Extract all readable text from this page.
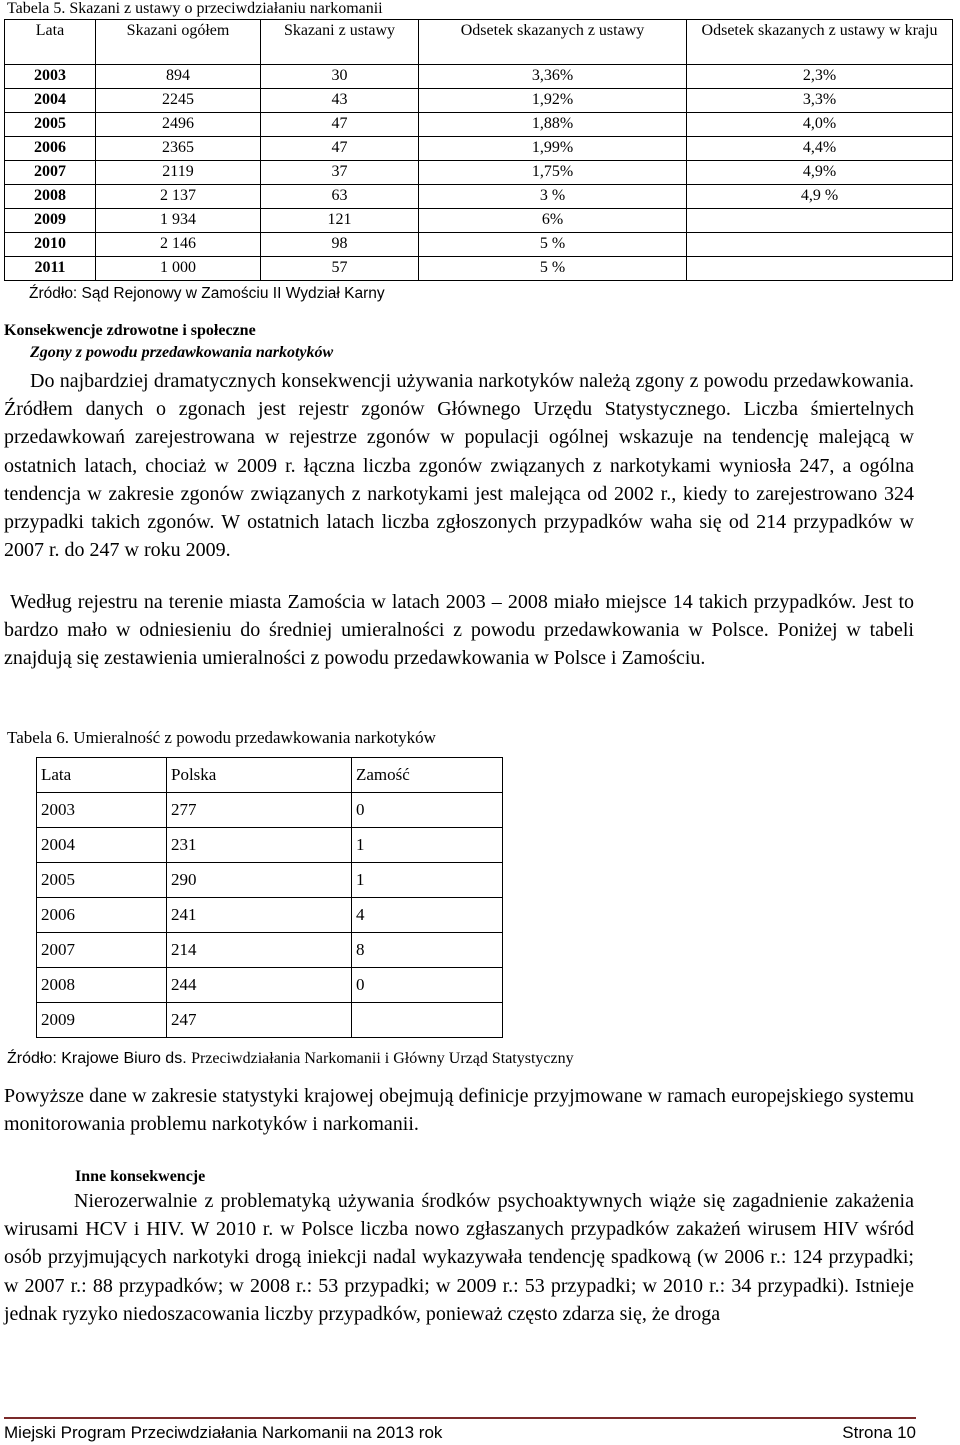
Tabela 5. Skazani z ustawy o przeciwdziałaniu narkomanii
Lata	Skazani ogółem	Skazani z ustawy	Odsetek skazanych z ustawy	Odsetek skazanych z ustawy w kraju
2003	894	30	3,36%	2,3%
2004	2245	43	1,92%	3,3%
2005	2496	47	1,88%	4,0%
2006	2365	47	1,99%	4,4%
2007	2119	37	1,75%	4,9%
2008	2 137	63	3 %	4,9 %
2009	1 934	121	6%	
2010	2 146	98	5 %	
2011	1 000	57	5 %	
Źródło: Sąd Rejonowy w Zamościu II Wydział Karny
Konsekwencje zdrowotne i społeczne
Zgony z powodu przedawkowania narkotyków
Do najbardziej dramatycznych konsekwencji używania narkotyków należą zgony z powodu przedawkowania. Źródłem danych o zgonach jest rejestr zgonów Głównego Urzędu Statystycznego. Liczba śmiertelnych przedawkowań zarejestrowana w rejestrze zgonów w populacji ogólnej wskazuje na tendencję malejącą w ostatnich latach, chociaż w 2009 r. łączna liczba zgonów związanych z narkotykami wyniosła 247, a ogólna tendencja w zakresie zgonów związanych z narkotykami jest malejąca od 2002 r., kiedy to zarejestrowano 324 przypadki takich zgonów. W ostatnich latach liczba zgłoszonych przypadków waha się od 214 przypadków w 2007 r. do 247 w roku 2009.
Według rejestru na terenie miasta Zamościa w latach 2003 – 2008 miało miejsce 14 takich przypadków. Jest to bardzo mało w odniesieniu do średniej umieralności z powodu przedawkowania w Polsce. Poniżej w tabeli znajdują się zestawienia umieralności z powodu przedawkowania w Polsce i Zamościu.
Tabela 6. Umieralność z powodu przedawkowania narkotyków
Lata	Polska	Zamość
2003	277	0
2004	231	1
2005	290	1
2006	241	4
2007	214	8
2008	244	0
2009	247	
Źródło: Krajowe Biuro ds. Przeciwdziałania Narkomanii i Główny Urząd Statystyczny
Powyższe dane w zakresie statystyki krajowej obejmują definicje przyjmowane w ramach europejskiego systemu monitorowania problemu narkotyków i narkomanii.
Inne konsekwencje
Nierozerwalnie z problematyką używania środków psychoaktywnych wiąże się zagadnienie zakażenia wirusami HCV i HIV. W 2010 r. w Polsce liczba nowo zgłaszanych przypadków zakażeń wirusem HIV wśród osób przyjmujących narkotyki drogą iniekcji nadal wykazywała tendencję spadkową (w 2006 r.: 124 przypadki; w 2007 r.: 88 przypadków; w 2008 r.: 53 przypadki; w 2009 r.: 53 przypadki; w 2010 r.: 34 przypadki). Istnieje jednak ryzyko niedoszacowania liczby przypadków, ponieważ często zdarza się, że droga
Miejski Program Przeciwdziałania Narkomanii na 2013 rok	Strona 10
